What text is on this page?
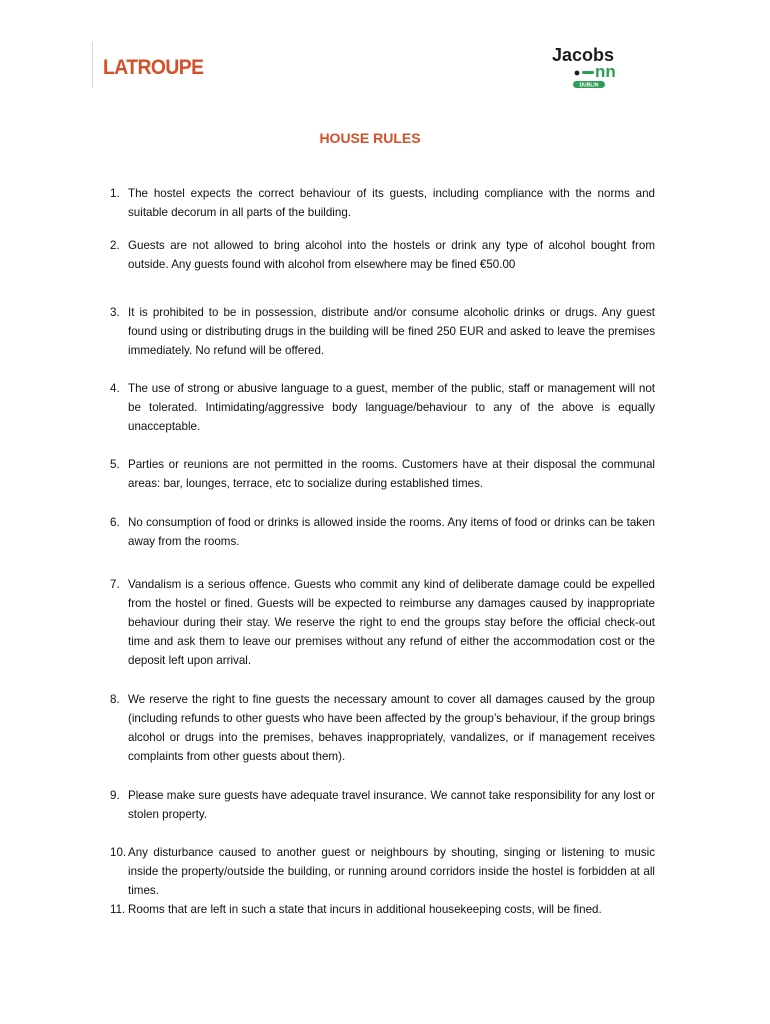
LATROUPE
Jacobs
nn
DUBLIN
HOUSE RULES
1. The hostel expects the correct behaviour of its guests, including compliance with the norms and suitable decorum in all parts of the building.
2. Guests are not allowed to bring alcohol into the hostels or drink any type of alcohol bought from outside. Any guests found with alcohol from elsewhere may be fined €50.00
3. It is prohibited to be in possession, distribute and/or consume alcoholic drinks or drugs. Any guest found using or distributing drugs in the building will be fined 250 EUR and asked to leave the premises immediately. No refund will be offered.
4. The use of strong or abusive language to a guest, member of the public, staff or management will not be tolerated. Intimidating/aggressive body language/behaviour to any of the above is equally unacceptable.
5. Parties or reunions are not permitted in the rooms. Customers have at their disposal the communal areas: bar, lounges, terrace, etc to socialize during established times.
6. No consumption of food or drinks is allowed inside the rooms. Any items of food or drinks can be taken away from the rooms.
7. Vandalism is a serious offence. Guests who commit any kind of deliberate damage could be expelled from the hostel or fined. Guests will be expected to reimburse any damages caused by inappropriate behaviour during their stay. We reserve the right to end the groups stay before the official check-out time and ask them to leave our premises without any refund of either the accommodation cost or the deposit left upon arrival.
8. We reserve the right to fine guests the necessary amount to cover all damages caused by the group (including refunds to other guests who have been affected by the group’s behaviour, if the group brings alcohol or drugs into the premises, behaves inappropriately, vandalizes, or if management receives complaints from other guests about them).
9. Please make sure guests have adequate travel insurance. We cannot take responsibility for any lost or stolen property.
10. Any disturbance caused to another guest or neighbours by shouting, singing or listening to music inside the property/outside the building, or running around corridors inside the hostel is forbidden at all times.
11. Rooms that are left in such a state that incurs in additional housekeeping costs, will be fined.
